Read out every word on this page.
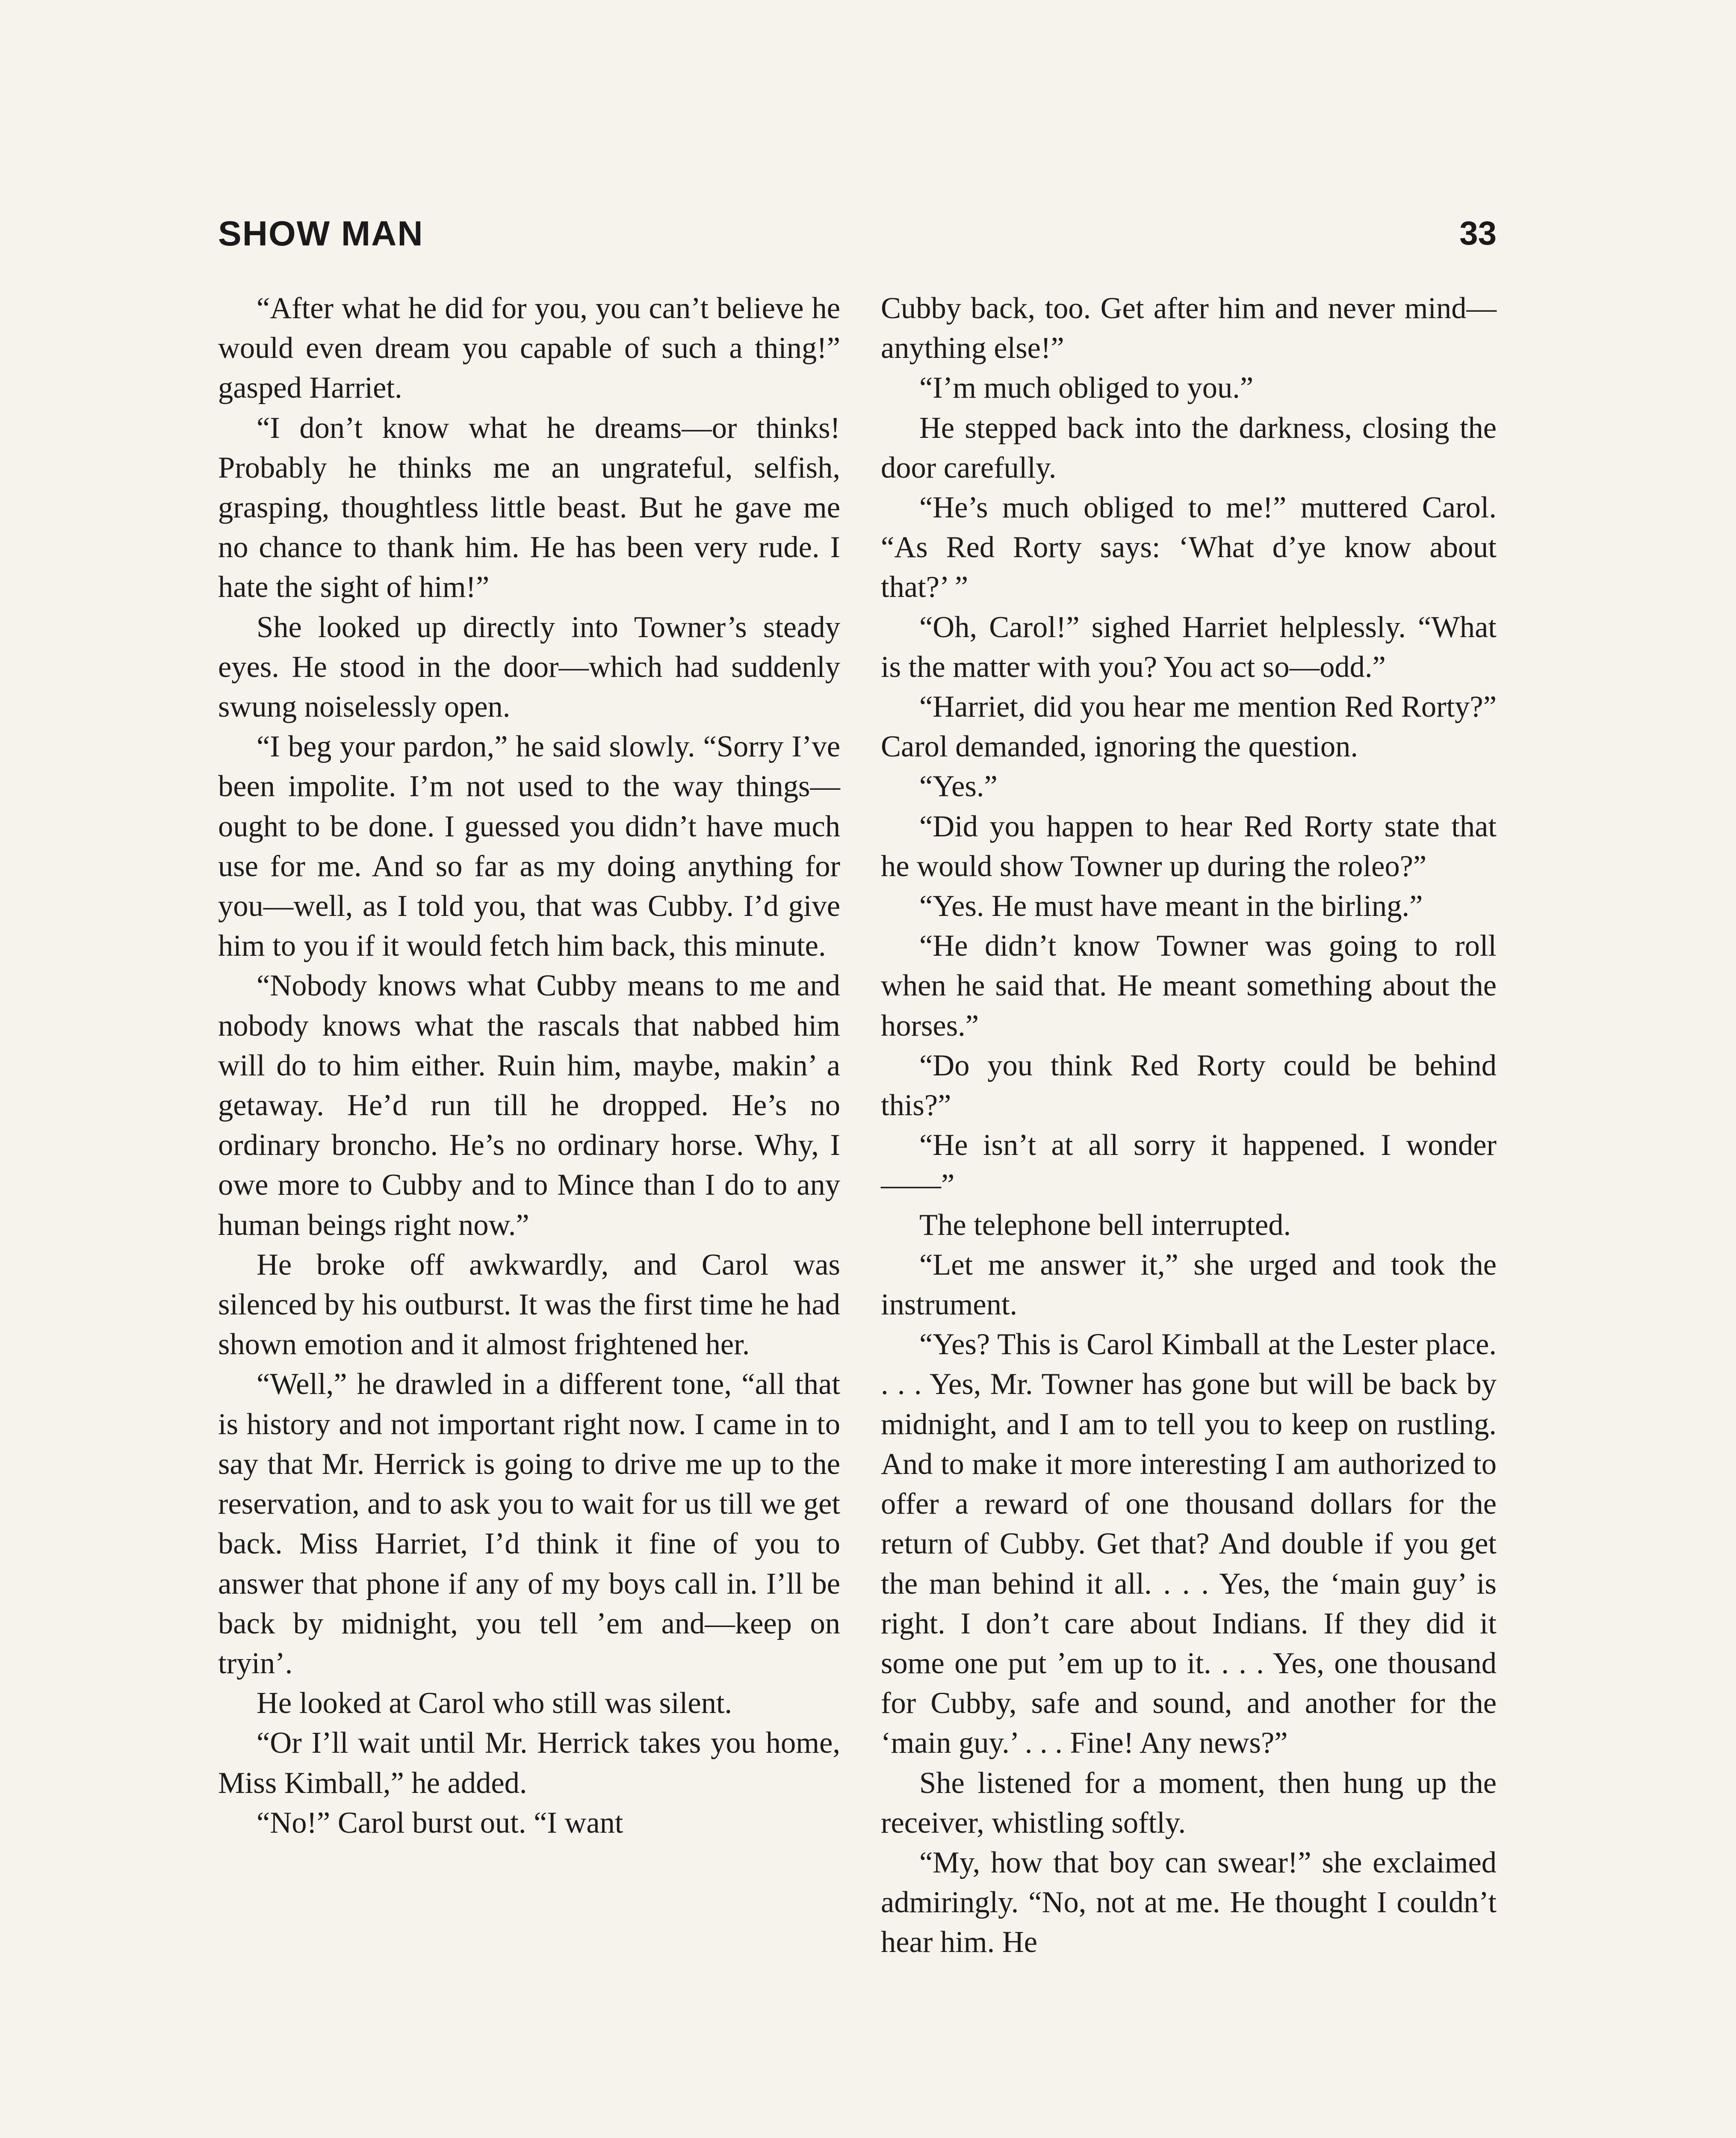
SHOW MAN	33

“After what he did for you, you can’t believe he would even dream you capable of such a thing!” gasped Harriet.

“I don’t know what he dreams—or thinks! Probably he thinks me an ungrateful, selfish, grasping, thoughtless little beast. But he gave me no chance to thank him. He has been very rude. I hate the sight of him!”

She looked up directly into Towner’s steady eyes. He stood in the door—which had suddenly swung noiselessly open.

“I beg your pardon,” he said slowly. “Sorry I’ve been impolite. I’m not used to the way things—ought to be done. I guessed you didn’t have much use for me. And so far as my doing anything for you—well, as I told you, that was Cubby. I’d give him to you if it would fetch him back, this minute.

“Nobody knows what Cubby means to me and nobody knows what the rascals that nabbed him will do to him either. Ruin him, maybe, makin’ a getaway. He’d run till he dropped. He’s no ordinary broncho. He’s no ordinary horse. Why, I owe more to Cubby and to Mince than I do to any human beings right now.”

He broke off awkwardly, and Carol was silenced by his outburst. It was the first time he had shown emotion and it almost frightened her.

“Well,” he drawled in a different tone, “all that is history and not important right now. I came in to say that Mr. Herrick is going to drive me up to the reservation, and to ask you to wait for us till we get back. Miss Harriet, I’d think it fine of you to answer that phone if any of my boys call in. I’ll be back by midnight, you tell ’em and—keep on tryin’.

He looked at Carol who still was silent.

“Or I’ll wait until Mr. Herrick takes you home, Miss Kimball,” he added.

“No!” Carol burst out. “I want

Cubby back, too. Get after him and never mind—anything else!”

“I’m much obliged to you.”

He stepped back into the darkness, closing the door carefully.

“He’s much obliged to me!” muttered Carol. “As Red Rorty says: ‘What d’ye know about that?’ ”

“Oh, Carol!” sighed Harriet helplessly. “What is the matter with you? You act so—odd.”

“Harriet, did you hear me mention Red Rorty?” Carol demanded, ignoring the question.

“Yes.”

“Did you happen to hear Red Rorty state that he would show Towner up during the roleo?”

“Yes. He must have meant in the birling.”

“He didn’t know Towner was going to roll when he said that. He meant something about the horses.”

“Do you think Red Rorty could be behind this?”

“He isn’t at all sorry it happened. I wonder——”

The telephone bell interrupted.

“Let me answer it,” she urged and took the instrument.

“Yes? This is Carol Kimball at the Lester place. . . . Yes, Mr. Towner has gone but will be back by midnight, and I am to tell you to keep on rustling. And to make it more interesting I am authorized to offer a reward of one thousand dollars for the return of Cubby. Get that? And double if you get the man behind it all. . . . Yes, the ‘main guy’ is right. I don’t care about Indians. If they did it some one put ’em up to it. . . . Yes, one thousand for Cubby, safe and sound, and another for the ‘main guy.’ . . . Fine! Any news?”

She listened for a moment, then hung up the receiver, whistling softly.

“My, how that boy can swear!” she exclaimed admiringly. “No, not at me. He thought I couldn’t hear him. He
